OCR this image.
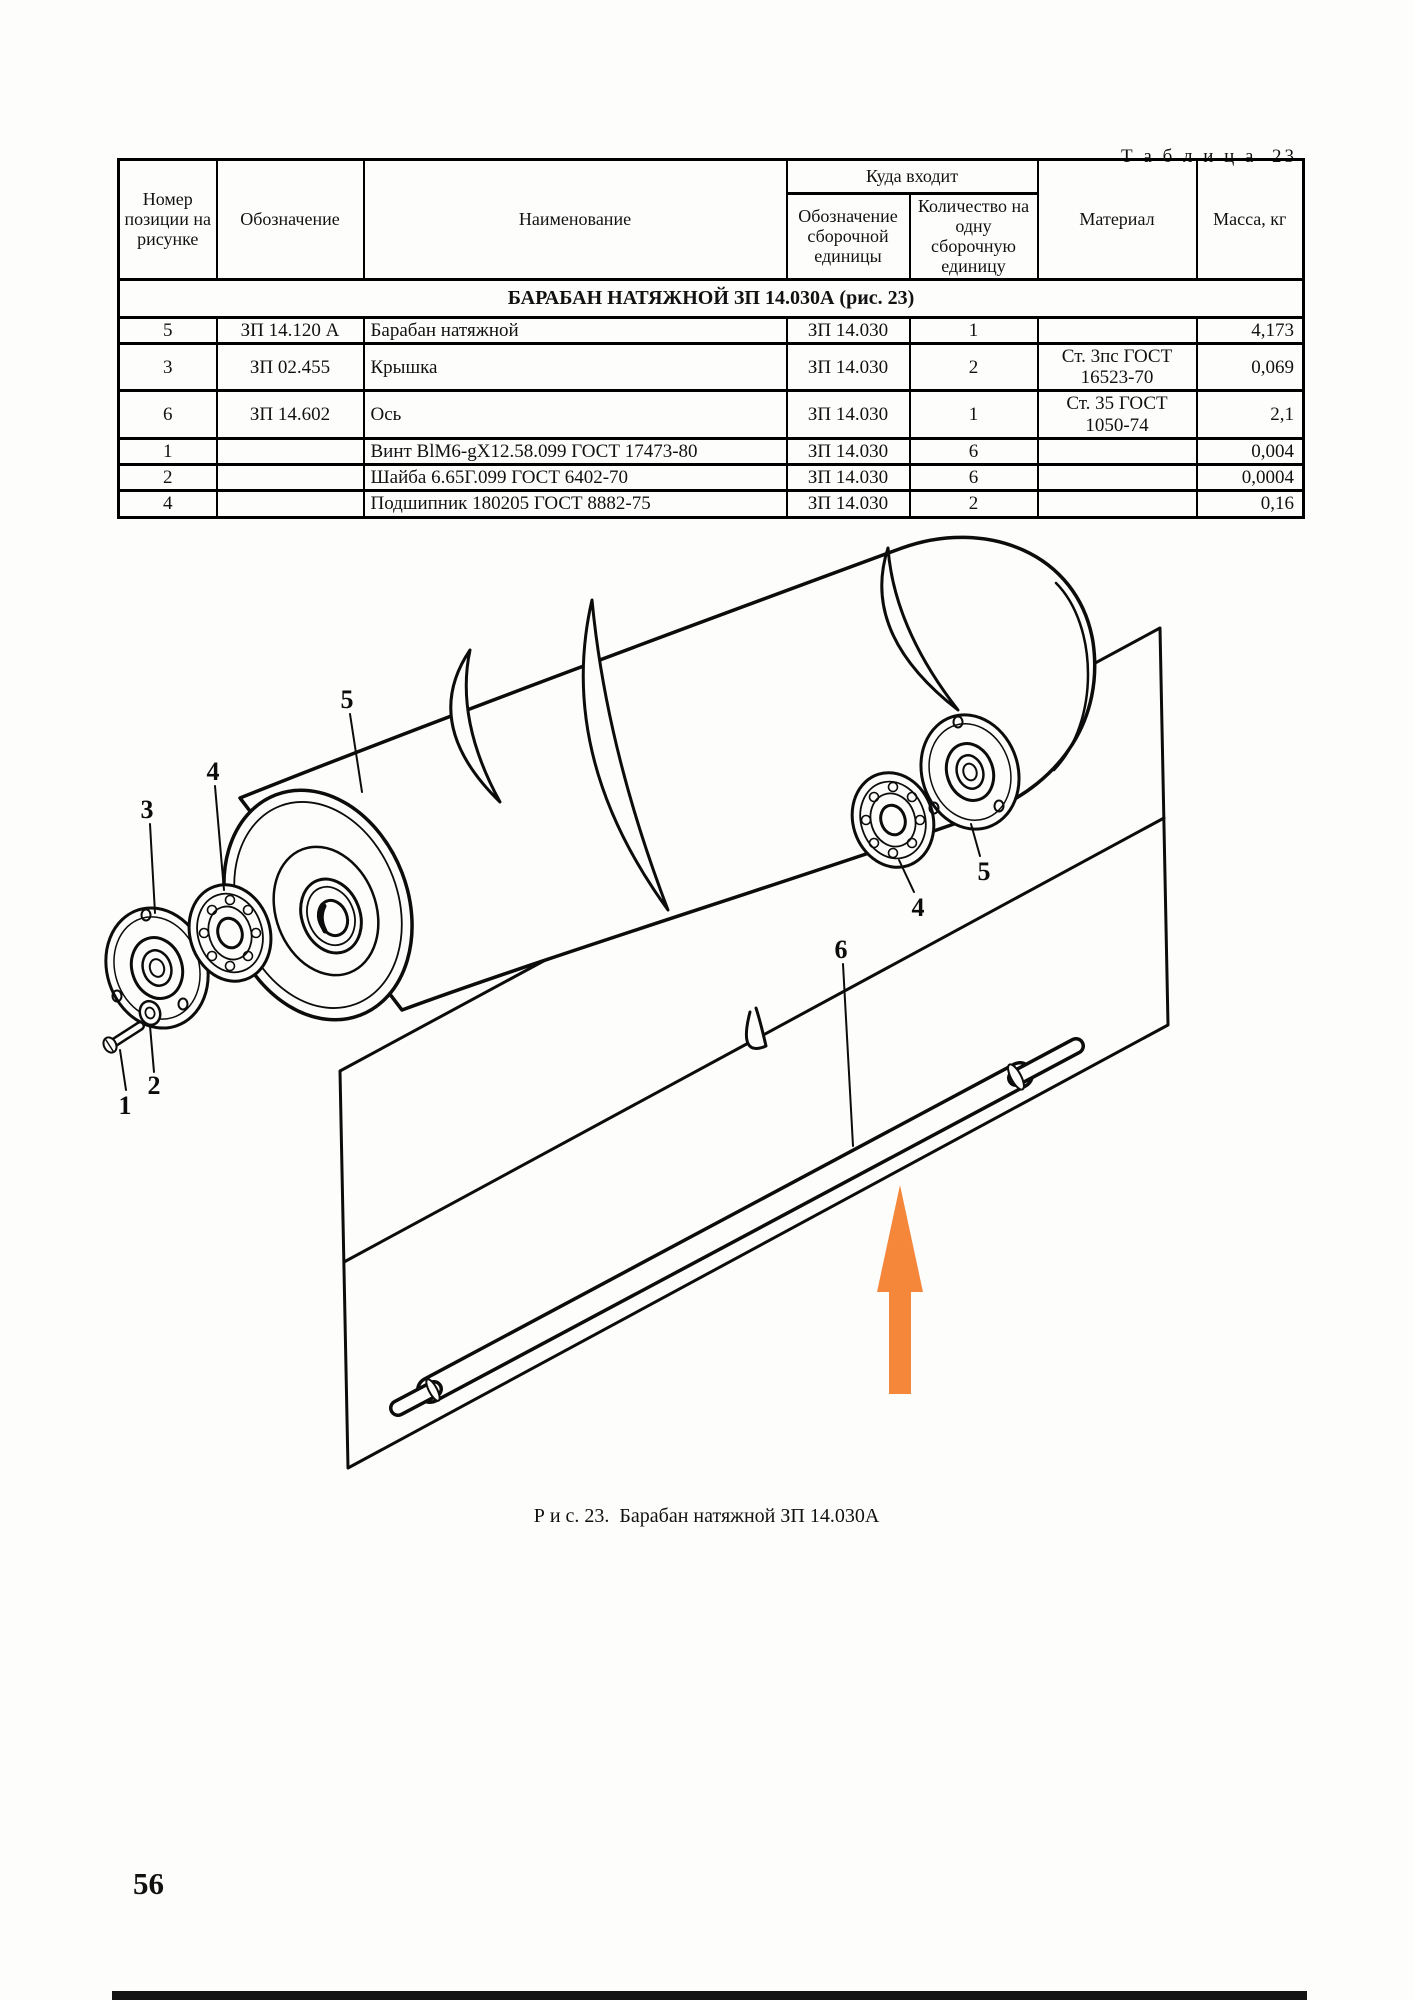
Т а б л и ц а  23
Номер позиции на рисунке	Обозначение	Наименование	Куда входит		Материал	Масса, кг
			Обозначение сборочной единицы	Количество на одну сборочную единицу		
БАРАБАН НАТЯЖНОЙ ЗП 14.030А (рис. 23)						
5	ЗП 14.120 А	Барабан натяжной	ЗП 14.030	1		4,173
3	ЗП 02.455	Крышка	ЗП 14.030	2	Ст. 3пс ГОСТ 16523-70	0,069
6	ЗП 14.602	Ось	ЗП 14.030	1	Ст. 35 ГОСТ 1050-74	2,1
1		Винт ВlМ6-gХ12.58.099 ГОСТ 17473-80	ЗП 14.030	6		0,004
2		Шайба 6.65Г.099 ГОСТ 6402-70	ЗП 14.030	6		0,0004
4		Подшипник 180205 ГОСТ 8882-75	ЗП 14.030	2		0,16
5
4
3
1
2
6
4
5
Р и с. 23.  Барабан натяжной ЗП 14.030А
56
